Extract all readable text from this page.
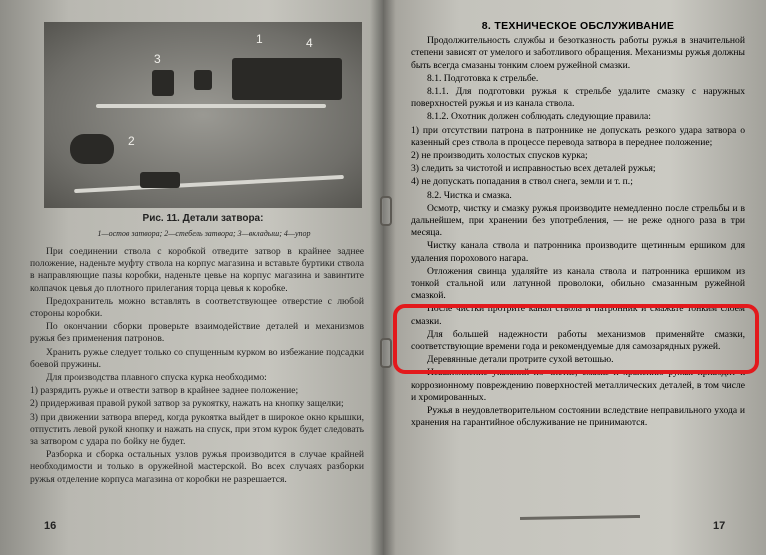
1
2
3
4
Рис. 11. Детали затвора:
1—остов затвора; 2—стебель затвора; 3—вкладыш; 4—упор

При соединении ствола с коробкой отведите затвор в крайнее заднее положение, наденьте муфту ствола на корпус магазина и вставьте буртики ствола в направляющие пазы коробки, наденьте цевье на корпус магазина и завинтите колпачок цевья до плотного прилегания торца цевья к коробке.

Предохранитель можно вставлять в соответствующее отверстие с любой стороны коробки.

По окончании сборки проверьте взаимодействие деталей и механизмов ружья без применения патронов.

Хранить ружье следует только со спущенным курком во избежание подсадки боевой пружины.

Для производства плавного спуска курка необходимо:

1) разрядить ружье и отвести затвор в крайнее заднее положение;

2) придерживая правой рукой затвор за рукоятку, нажать на кнопку защелки;

3) при движении затвора вперед, когда рукоятка выйдет в широкое окно крышки, отпустить левой рукой кнопку и нажать на спуск, при этом курок будет следовать за затвором с удара по бойку не будет.

Разборка и сборка остальных узлов ружья производится в случае крайней необходимости и только в оружейной мастерской. Во всех случаях разборки ружья отделение корпуса магазина от коробки не разрешается.

16	17

8. ТЕХНИЧЕСКОЕ ОБСЛУЖИВАНИЕ

Продолжительность службы и безотказность работы ружья в значительной степени зависят от умелого и заботливого обращения. Механизмы ружья должны быть всегда смазаны тонким слоем ружейной смазки.

8.1. Подготовка к стрельбе.

8.1.1. Для подготовки ружья к стрельбе удалите смазку с наружных поверхностей ружья и из канала ствола.

8.1.2. Охотник должен соблюдать следующие правила:

1) при отсутствии патрона в патроннике не допускать резкого удара затвора о казенный срез ствола в процессе перевода затвора в переднее положение;

2) не производить холостых спусков курка;

3) следить за чистотой и исправностью всех деталей ружья;

4) не допускать попадания в ствол снега, земли и т. п.;

8.2. Чистка и смазка.

Осмотр, чистку и смазку ружья производите немедленно после стрельбы и в дальнейшем, при хранении без употребления, — не реже одного раза в три месяца.

Чистку канала ствола и патронника производите щетинным ершиком для удаления порохового нагара.

Отложения свинца удаляйте из канала ствола и патронника ершиком из тонкой стальной или латунной проволоки, обильно смазанным ружейной смазкой.

После чистки протрите канал ствола и патронник и смажьте тонким слоем смазки.

Для большей надежности работы механизмов применяйте смазки, соответствующие времени года и рекомендуемые для самозарядных ружей.

Деревянные детали протрите сухой ветошью.

Невыполнение указаний по чистке, смазке и хранению ружья приводит к коррозионному повреждению поверхностей металлических деталей, в том числе и хромированных.

Ружья в неудовлетворительном состоянии вследствие неправильного ухода и хранения на гарантийное обслуживание не принимаются.
